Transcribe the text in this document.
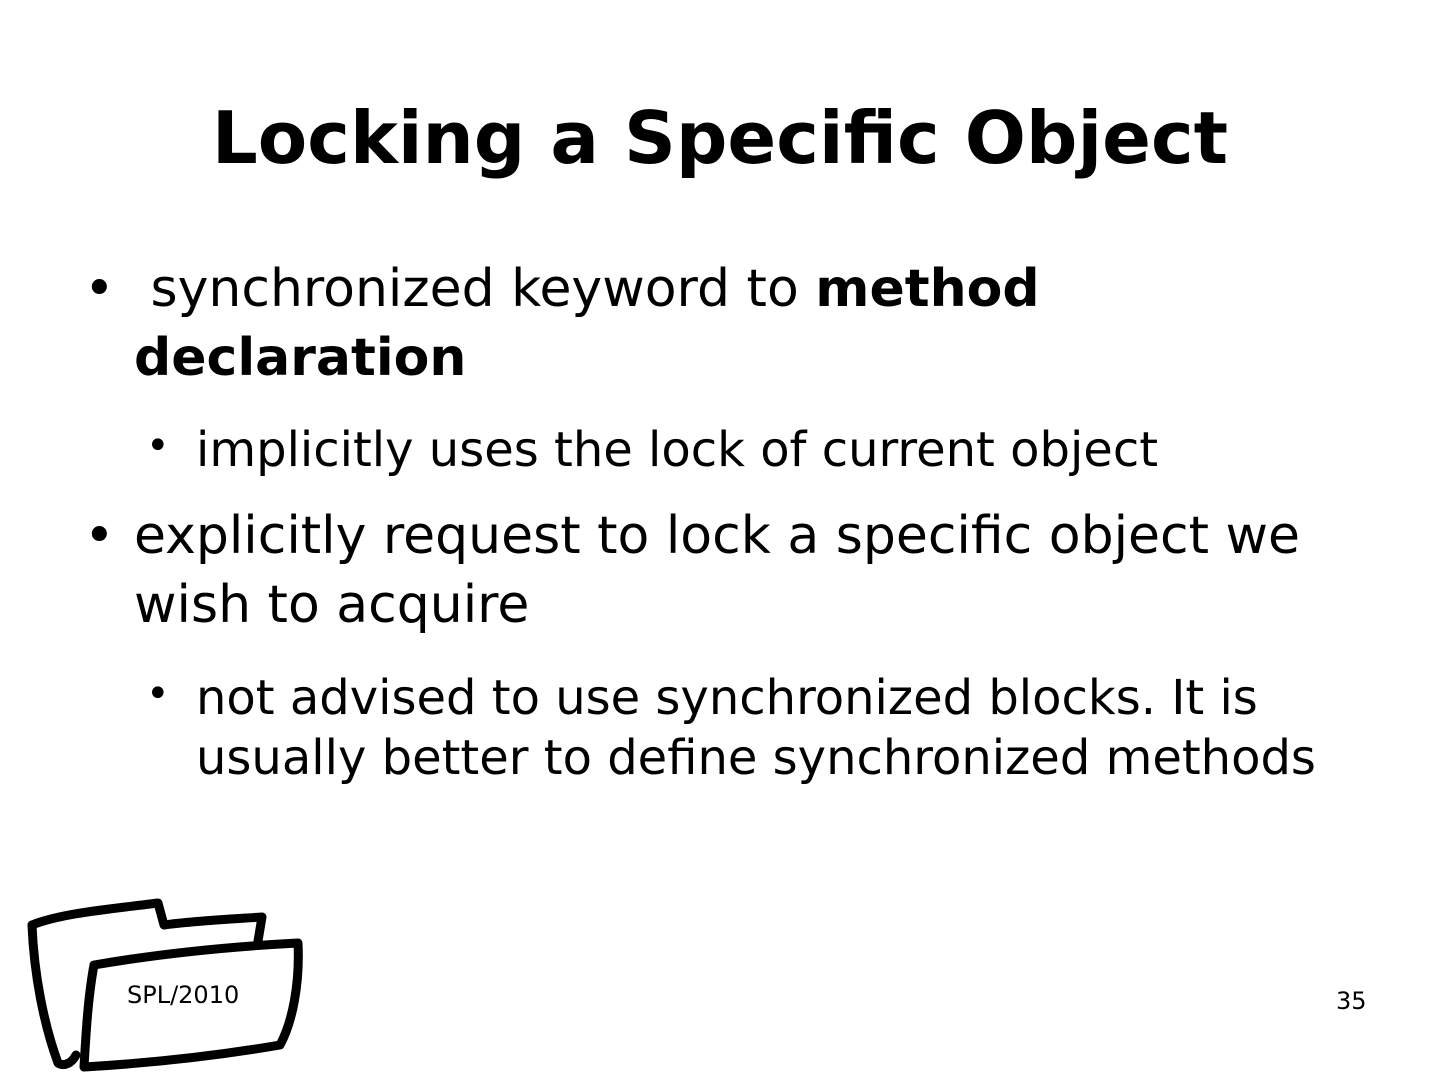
Locking a Specific Object
• synchronized keyword to method declaration
• implicitly uses the lock of current object
• explicitly request to lock a specific object we wish to acquire
• not advised to use synchronized blocks. It is usually better to define synchronized methods
SPL/2010	35
